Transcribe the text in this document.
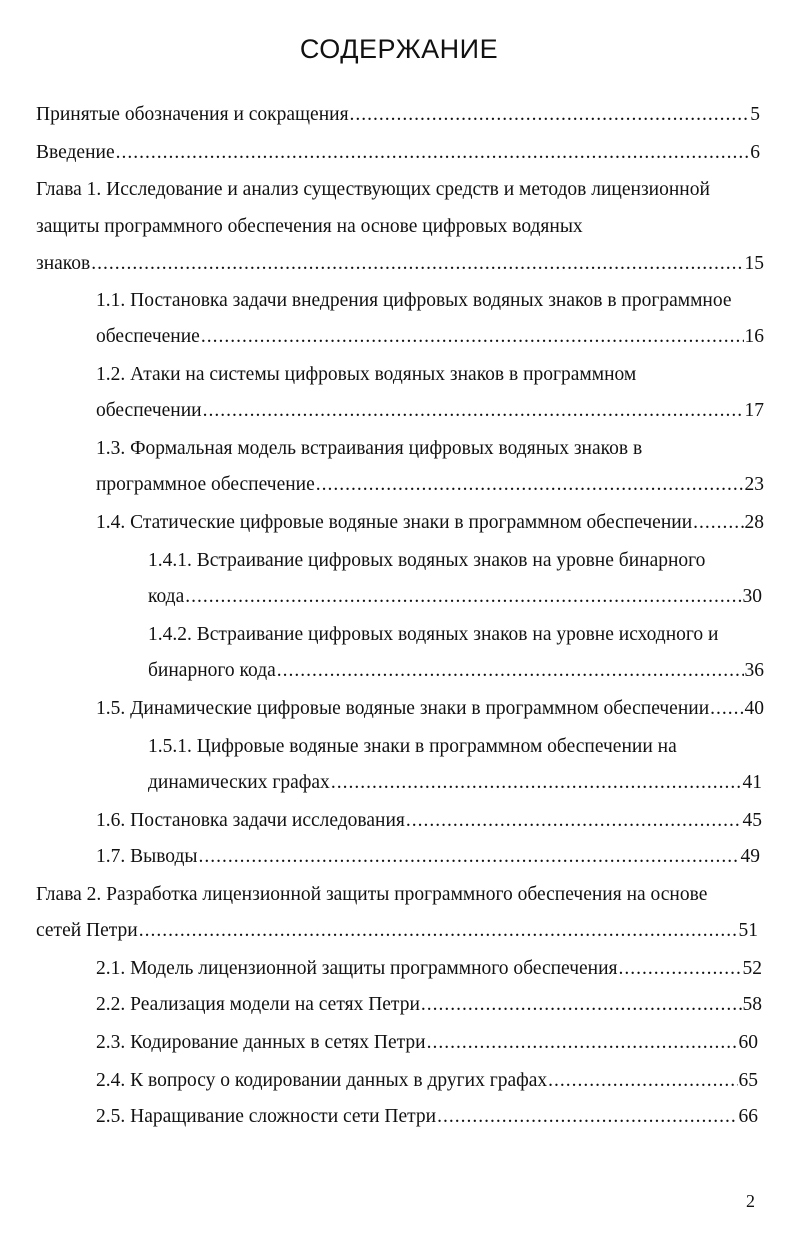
СОДЕРЖАНИЕ
Принятые обозначения и сокращения .....	5
Введение .....	6
Глава 1. Исследование и анализ существующих средств и методов лицензионной
защиты программного обеспечения на основе цифровых водяных
знаков .....	15
1.1. Постановка задачи внедрения цифровых водяных знаков в программное
обеспечение .....	16
1.2. Атаки на системы цифровых водяных знаков в программном
обеспечении .....	17
1.3. Формальная модель встраивания цифровых водяных знаков в
программное обеспечение .....	23
1.4. Статические цифровые водяные знаки в программном обеспечении .....	28
1.4.1. Встраивание цифровых водяных знаков на уровне бинарного
кода .....	30
1.4.2. Встраивание цифровых водяных знаков на уровне исходного и
бинарного кода .....	36
1.5. Динамические цифровые водяные знаки в программном обеспечении ..... 40
1.5.1. Цифровые водяные знаки в программном обеспечении на
динамических графах .....	41
1.6. Постановка задачи исследования .....	45
1.7. Выводы .....	49
Глава 2. Разработка лицензионной защиты программного обеспечения на основе
сетей Петри .....	51
2.1. Модель лицензионной защиты программного обеспечения .....	52
2.2. Реализация модели на сетях Петри .....	58
2.3. Кодирование данных в сетях Петри .....	60
2.4. К вопросу о кодировании данных в других графах .....	65
2.5. Наращивание сложности сети Петри .....	66
2
